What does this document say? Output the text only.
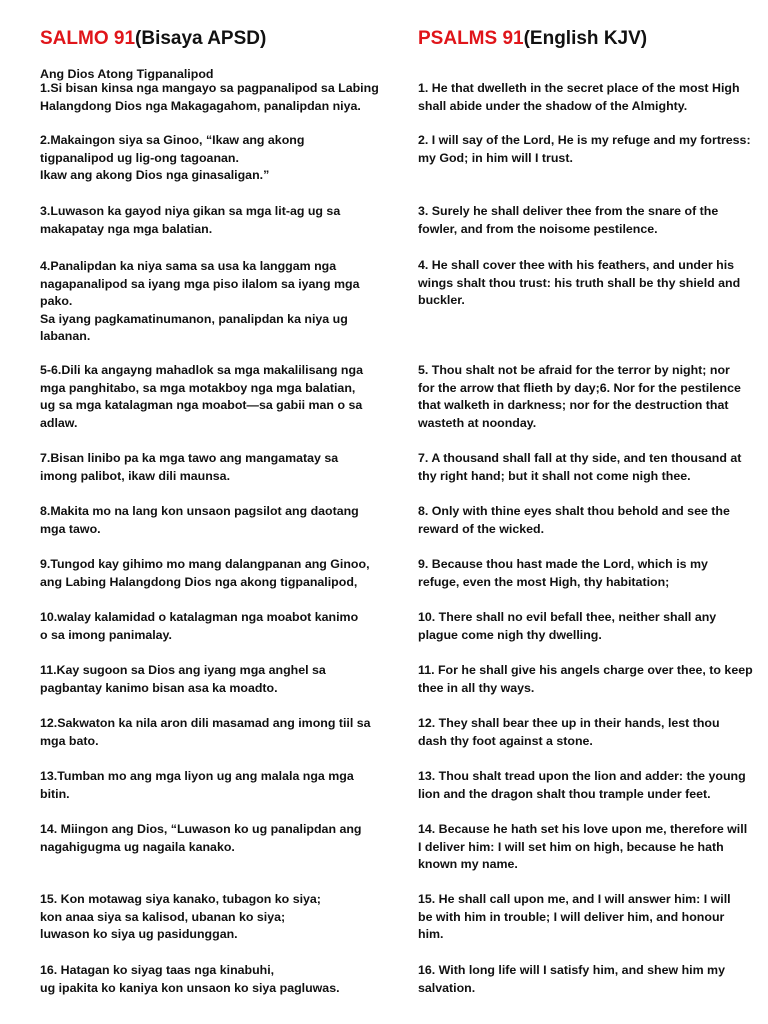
SALMO 91(Bisaya APSD)
Ang Dios Atong Tigpanalipod
1.Si bisan kinsa nga mangayo sa pagpanalipod sa Labing
Halangdong Dios nga Makagagahom, panalipdan niya.
2.Makaingon siya sa Ginoo, “Ikaw ang akong
tigpanalipod ug lig-ong tagoanan.
Ikaw ang akong Dios nga ginasaligan.”
3.Luwason ka gayod niya gikan sa mga lit-ag ug sa
makapatay nga mga balatian.
4.Panalipdan ka niya sama sa usa ka langgam nga
nagapanalipod sa iyang mga piso ilalom sa iyang mga
pako.
Sa iyang pagkamatinumanon, panalipdan ka niya ug
labanan.
5-6.Dili ka angayng mahadlok sa mga makalilisang nga
mga panghitabo, sa mga motakboy nga mga balatian,
ug sa mga katalagman nga moabot—sa gabii man o sa
adlaw.
7.Bisan linibo pa ka mga tawo ang mangamatay sa
imong palibot, ikaw dili maunsa.
8.Makita mo na lang kon unsaon pagsilot ang daotang
mga tawo.
9.Tungod kay gihimo mo mang dalangpanan ang Ginoo,
ang Labing Halangdong Dios nga akong tigpanalipod,
10.walay kalamidad o katalagman nga moabot kanimo
o sa imong panimalay.
11.Kay sugoon sa Dios ang iyang mga anghel sa
pagbantay kanimo bisan asa ka moadto.
12.Sakwaton ka nila aron dili masamad ang imong tiil sa
mga bato.
13.Tumban mo ang mga liyon ug ang malala nga mga
bitin.
14. Miingon ang Dios, “Luwason ko ug panalipdan ang
nagahigugma ug nagaila kanako.
15. Kon motawag siya kanako, tubagon ko siya;
kon anaa siya sa kalisod, ubanan ko siya;
luwason ko siya ug pasidunggan.
16. Hatagan ko siyag taas nga kinabuhi,
ug ipakita ko kaniya kon unsaon ko siya pagluwas.
PSALMS 91(English KJV)
1. He that dwelleth in the secret place of the most High
shall abide under the shadow of the Almighty.
2. I will say of the Lord, He is my refuge and my fortress:
my God; in him will I trust.
3. Surely he shall deliver thee from the snare of the
fowler, and from the noisome pestilence.
4. He shall cover thee with his feathers, and under his
wings shalt thou trust: his truth shall be thy shield and
buckler.
5. Thou shalt not be afraid for the terror by night; nor
for the arrow that flieth by day;6. Nor for the pestilence
that walketh in darkness; nor for the destruction that
wasteth at noonday.
7. A thousand shall fall at thy side, and ten thousand at
thy right hand; but it shall not come nigh thee.
8. Only with thine eyes shalt thou behold and see the
reward of the wicked.
9. Because thou hast made the Lord, which is my
refuge, even the most High, thy habitation;
10. There shall no evil befall thee, neither shall any
plague come nigh thy dwelling.
11. For he shall give his angels charge over thee, to keep
thee in all thy ways.
12. They shall bear thee up in their hands, lest thou
dash thy foot against a stone.
13. Thou shalt tread upon the lion and adder: the young
lion and the dragon shalt thou trample under feet.
14. Because he hath set his love upon me, therefore will
I deliver him: I will set him on high, because he hath
known my name.
15. He shall call upon me, and I will answer him: I will
be with him in trouble; I will deliver him, and honour
him.
16. With long life will I satisfy him, and shew him my
salvation.
